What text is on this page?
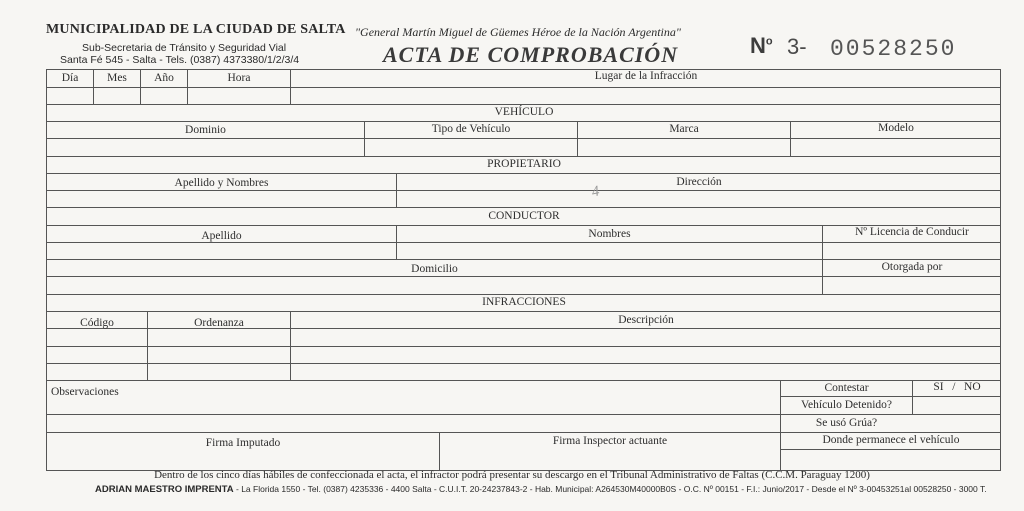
MUNICIPALIDAD DE LA CIUDAD DE SALTA
Sub-Secretaria de Tránsito y Seguridad Vial
Santa Fé 545 - Salta - Tels. (0387) 4373380/1/2/3/4
"General Martín Miguel de Güemes Héroe de la Nación Argentina"
ACTA DE COMPROBACIÓN	$N^o$ 3- 00528250
Día	Mes	Año	Hora	Lugar de la Infracción
VEHÍCULO
Dominio	Tipo de Vehículo	Marca	Modelo
PROPIETARIO
Apellido y Nombres	Dirección
4
CONDUCTOR
Apellido	Nombres	Nº Licencia de Conducir
Domicilio	Otorgada por
INFRACCIONES
Código	Ordenanza	Descripción
Observaciones	Contestar	SI   /   NO
Vehículo Detenido?
Se usó Grúa?
Firma Imputado	Firma Inspector actuante	Donde permanece el vehículo
Dentro de los cinco días hábiles de confeccionada el acta, el infractor podrá presentar su descargo en el Tribunal Administrativo de Faltas (C.C.M. Paraguay 1200)
ADRIAN MAESTRO IMPRENTA - La Florida 1550 - Tel. (0387) 4235336 - 4400 Salta - C.U.I.T. 20-24237843-2 - Hab. Municipal: A264530M40000B0S - O.C. Nº 00151 - F.I.: Junio/2017 - Desde el Nº 3-00453251al 00528250 - 3000 T.
